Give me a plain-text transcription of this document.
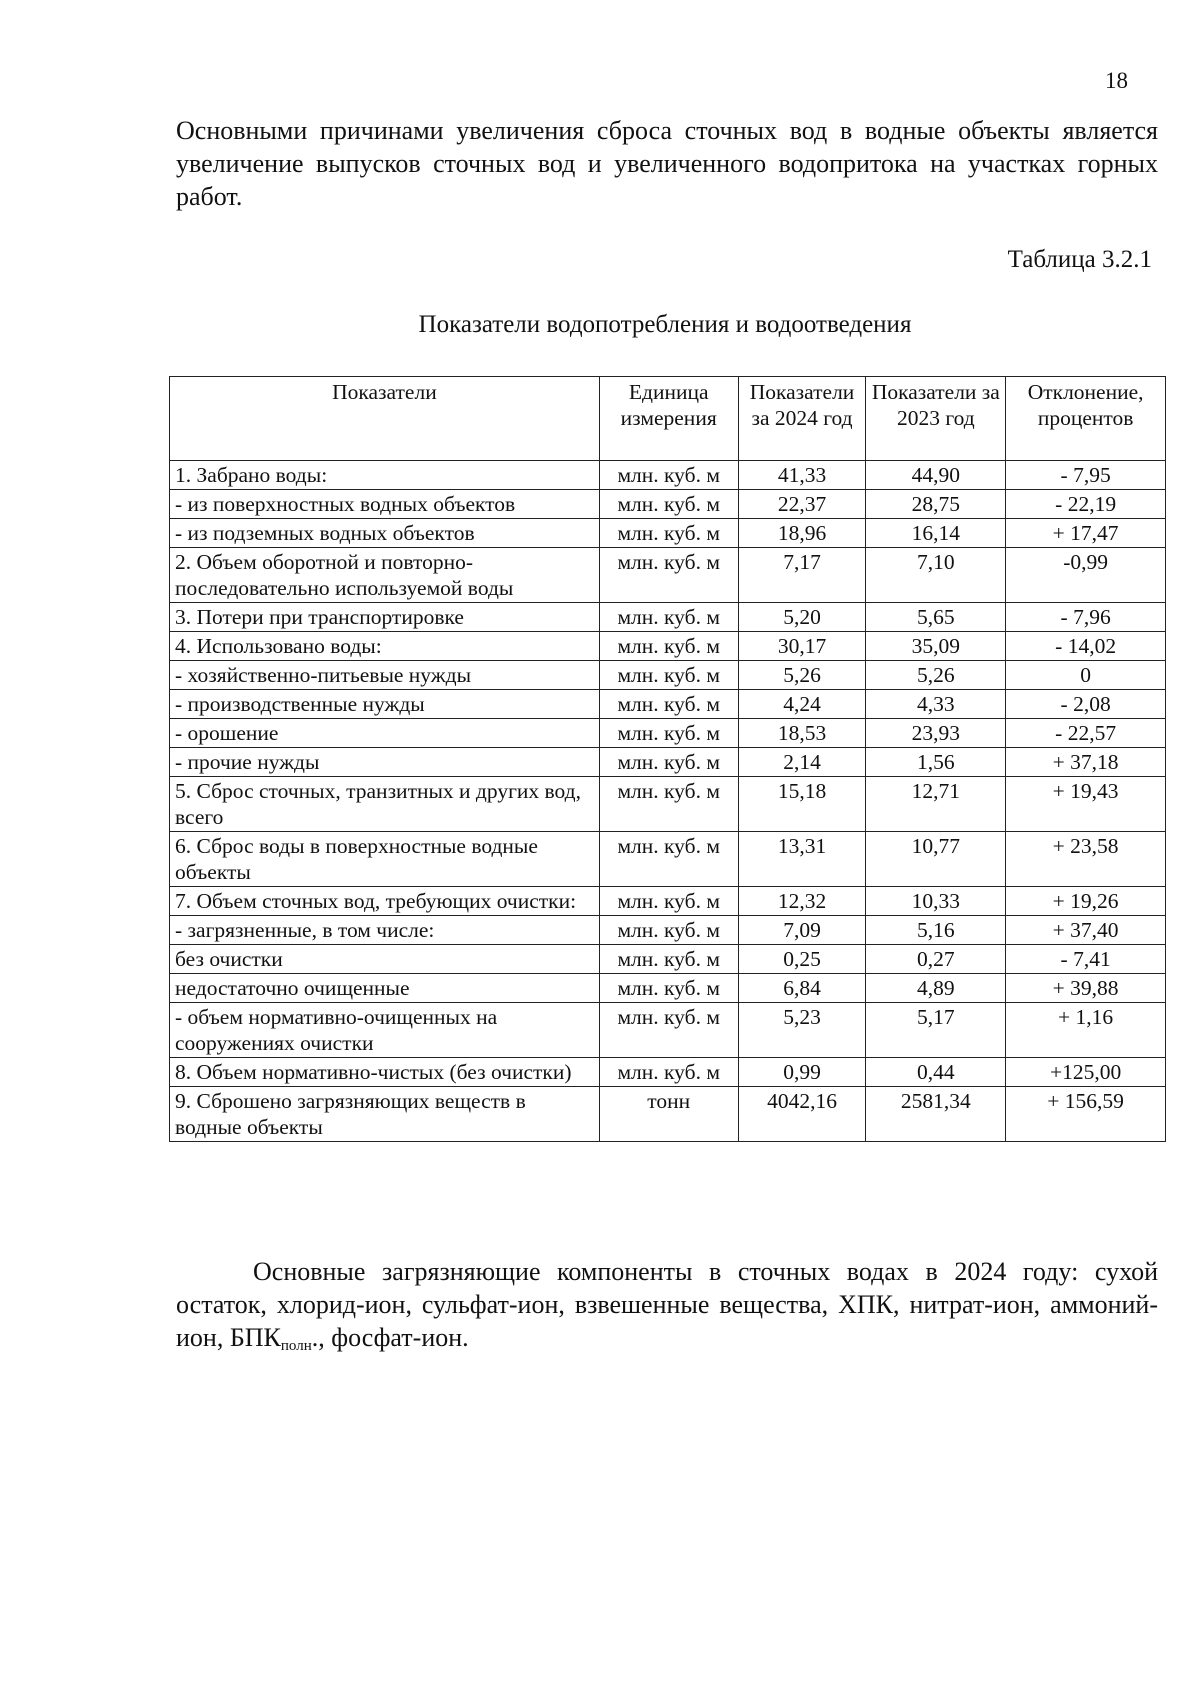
18

Основными причинами увеличения сброса сточных вод в водные объекты является увеличение выпусков сточных вод и увеличенного водопритока на участках горных работ.

Таблица 3.2.1
Показатели водопотребления и водоотведения
Показатели	Единица измерения	Показатели за 2024 год	Показатели за 2023 год	Отклонение, процентов
1. Забрано воды:	млн. куб. м	41,33	44,90	- 7,95
- из поверхностных водных объектов	млн. куб. м	22,37	28,75	- 22,19
- из подземных водных объектов	млн. куб. м	18,96	16,14	+ 17,47
2. Объем оборотной и повторно-последовательно используемой воды	млн. куб. м	7,17	7,10	-0,99
3. Потери при транспортировке	млн. куб. м	5,20	5,65	- 7,96
4. Использовано воды:	млн. куб. м	30,17	35,09	- 14,02
- хозяйственно-питьевые нужды	млн. куб. м	5,26	5,26	0
- производственные нужды	млн. куб. м	4,24	4,33	- 2,08
- орошение	млн. куб. м	18,53	23,93	- 22,57
- прочие нужды	млн. куб. м	2,14	1,56	+ 37,18
5. Сброс сточных, транзитных и других вод, всего	млн. куб. м	15,18	12,71	+ 19,43
6. Сброс воды в поверхностные водные объекты	млн. куб. м	13,31	10,77	+ 23,58
7. Объем сточных вод, требующих очистки:	млн. куб. м	12,32	10,33	+ 19,26
- загрязненные, в том числе:	млн. куб. м	7,09	5,16	+ 37,40
без очистки	млн. куб. м	0,25	0,27	- 7,41
недостаточно очищенные	млн. куб. м	6,84	4,89	+ 39,88
- объем нормативно-очищенных на сооружениях очистки	млн. куб. м	5,23	5,17	+ 1,16
8. Объем нормативно-чистых (без очистки)	млн. куб. м	0,99	0,44	+125,00
9. Сброшено загрязняющих веществ в водные объекты	тонн	4042,16	2581,34	+ 156,59

Основные загрязняющие компоненты в сточных водах в 2024 году: сухой остаток, хлорид-ион, сульфат-ион, взвешенные вещества, ХПК, нитрат-ион, аммоний-ион, $БПК_{полн}$., фосфат-ион.
